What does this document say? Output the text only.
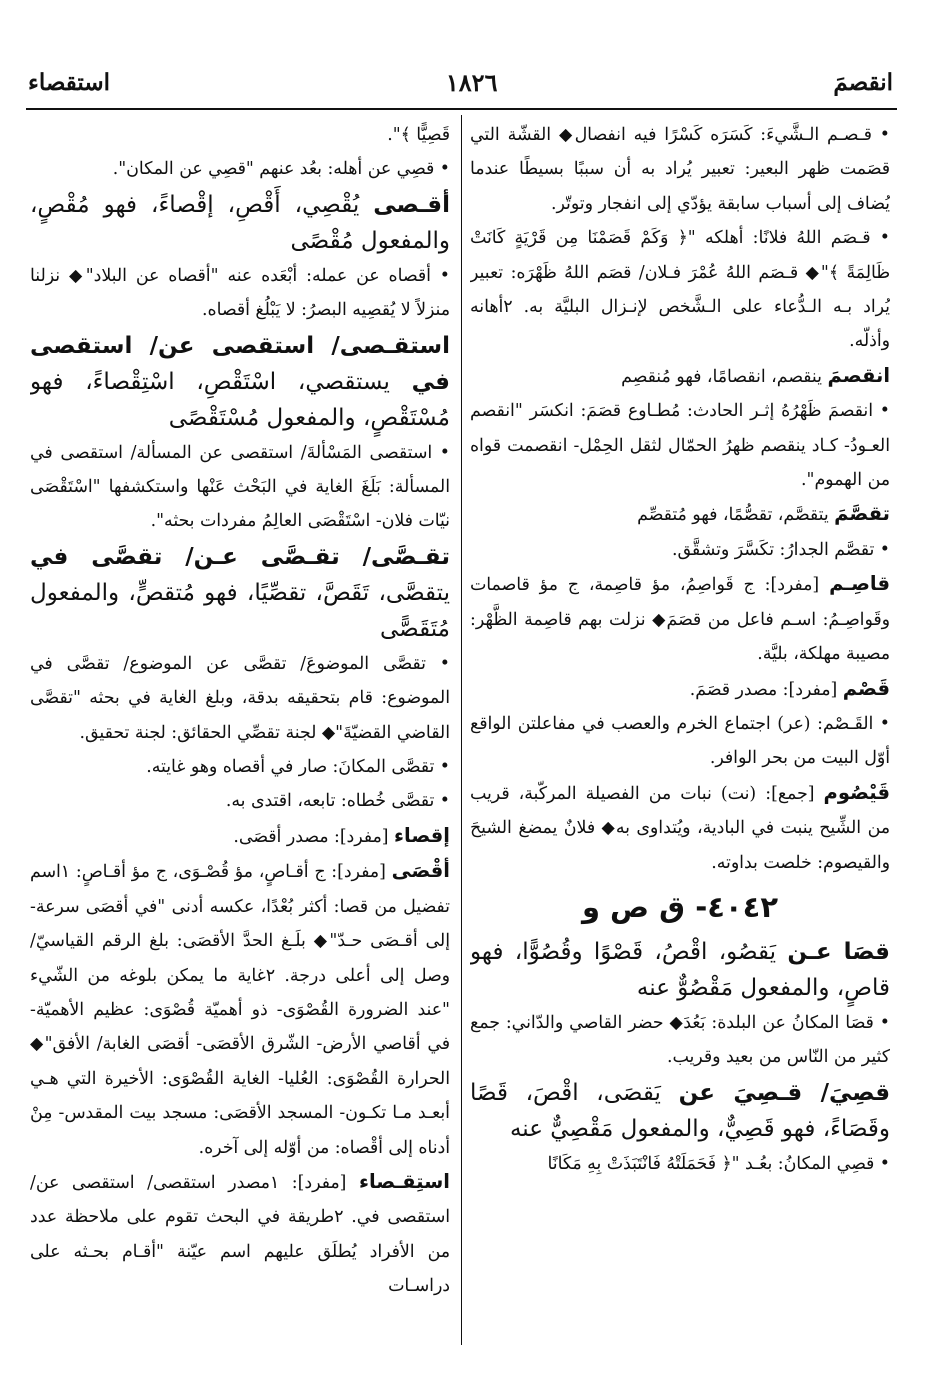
انقصمَ
١٨٢٦
استقصاء

• قـصـم الـشَّيءَ: كَسَرَه كَسْرًا فيه انفصال◆ القشّة التي قصَمت ظهر البعير: تعبير يُراد به أن سببًا بسيطًا عندما يُضاف إلى أسباب سابقة يؤدّي إلى انفجار وتوتّر.

• قـصَم اللهُ فلانًا: أهلكه "﴿ وَكَمْ قَصَمْنَا مِن قَرْيَةٍ كَانَتْ ظَالِمَةً ﴾"◆ قـصَم اللهُ عُمْرَ فـلان/ قصَم اللهُ ظَهْرَه: تعبير يُراد بـه الـدُّعاء على الـشَّخص لإنـزال البليَّة به. ٢أهانه وأذلّه.

انقصمَ ينقصم، انقصامًا، فهو مُنقصِم

• انقصمَ ظَهْرُهُ إثـر الحادث: مُطـاوع قصَمَ: انكسَر "انقصم العـودُ- كـاد ينقصم ظهرُ الحمّال لثقل الحِمْل- انقصمت قواه من الهموم".

تقصَّمَ يتقصَّم، تقصُّمًا، فهو مُتقصِّم

• تقصَّم الجدارُ: تكَسَّرَ وتشقَّق.

قاصِـم [مفرد]: ج قَواصِمُ، مؤ قاصِمة، ج مؤ قاصمات وقَواصِـمُ: اسـم فاعل من قصَمَ◆ نزلت بهم قاصِمة الظَّهْر: مصيبة مهلكة، بليَّة.

قَصْم [مفرد]: مصدر قصَمَ.

• القَـصْم: (عر) اجتماع الخرم والعصب في مفاعلتن الواقع أوّل البيت من بحر الوافر.

قَيْصُوم [جمع]: (نت) نبات من الفصيلة المركّبة، قريب من الشِّيح ينبت في البادية، ويُتداوى به◆ فلانٌ يمضغ الشيحَ والقيصوم: خلصت بداوته.

٤٠٤٢- ق ص و

قصَا عـن يَقصُو، اقْصُ، قَصْوًا وقُصُوًّا، فهو قاصٍ، والمفعول مَقْصُوٌّ عنه

• قصَا المكانُ عن البلدة: بَعُدَ◆ حضر القاصي والدّاني: جمع كثير من النّاس من بعيد وقريب.

قصِيَ/ قـصِيَ عن يَقصَى، اقْصَ، قَصًا وقَصَاءً، فهو قَصِيٌّ، والمفعول مَقْصِيٌّ عنه

• قصِي المكانُ: بعُـد "﴿ فَحَمَلَتْهُ فَانْتَبَذَتْ بِهِ مَكَانًا

قَصِيًّا ﴾".

• قصِي عن أهله: بعُد عنهم "قصِي عن المكان".

أقـصى يُقْصِي، أَقْصِ، إقْصاءً، فهو مُقْصٍ، والمفعول مُقْصًى

• أقصاه عن عمله: أبْعَده عنه "أقصاه عن البلاد"◆ نزلنا منزلاً لا يُقصِيه البصرُ: لا يَبْلُغ أقصاه.

استقـصى/ استقصى عن/ استقصى في يستقصي، اسْتَقْصِ، اسْتِقْصاءً، فهو مُسْتَقْصٍ، والمفعول مُسْتَقْصًى

• استقصى المَسْألةَ/ استقصى عن المسألة/ استقصى في المسألة: بَلَغَ الغاية في البَحْث عَنْها واستكشفها "اسْتَقْصَى نيّات فلان- اسْتَقْصَى العالِمُ مفردات بحثه".

تقـصَّى/ تقـصَّى عـن/ تقصَّى في يتقصَّى، تَقَصَّ، تقصِّيًا، فهو مُتقصٍّ، والمفعول مُتَقَصًّى

• تقصَّى الموضوعَ/ تقصَّى عن الموضوع/ تقصَّى في الموضوع: قام بتحقيقه بدقة، وبلغ الغاية في بحثه "تقصَّى القاضي القضيّةَ"◆ لجنة تقصِّي الحقائق: لجنة تحقيق.

• تقصَّى المكانَ: صار في أقصاه وهو غايته.

• تقصَّى خُطاه: تابعه، اقتدى به.

إقصاء [مفرد]: مصدر أقصَى.

أقْصَى [مفرد]: ج أقـاصٍ، مؤ قُصْـوَى، ج مؤ أقـاصٍ: ١اسم تفضيل من قصا: أكثر بُعْدًا، عكسه أدنى "في أقصَى سرعة- إلى أقـصَى حـدّ"◆ بلَـغ الحدَّ الأقصَى: بلغ الرقم القياسيّ/ وصل إلى أعلى درجة. ٢غاية ما يمكن بلوغه من الشّيء "عند الضرورة القُصْوَى- ذو أهميّة قُصْوَى: عظيم الأهميّة- في أقاصي الأرض- الشّرق الأقصَى- أقصَى الغابة/ الأفق"◆ الحرارة القُصْوَى: العُليا- الغاية القُصْوَى: الأخيرة التي هـي أبعـد مـا تكـون- المسجد الأقصَى: مسجد بيت المقدس- مِنْ أدناه إلى أقْصاه: من أوّله إلى آخره.

استِقـصاء [مفرد]: ١مصدر استقصى/ استقصى عن/ استقصى في. ٢طريقة في البحث تقوم على ملاحظة عدد من الأفراد يُطلَق عليهم اسم عيّنة "أقـام بحـثه على دراسـات
